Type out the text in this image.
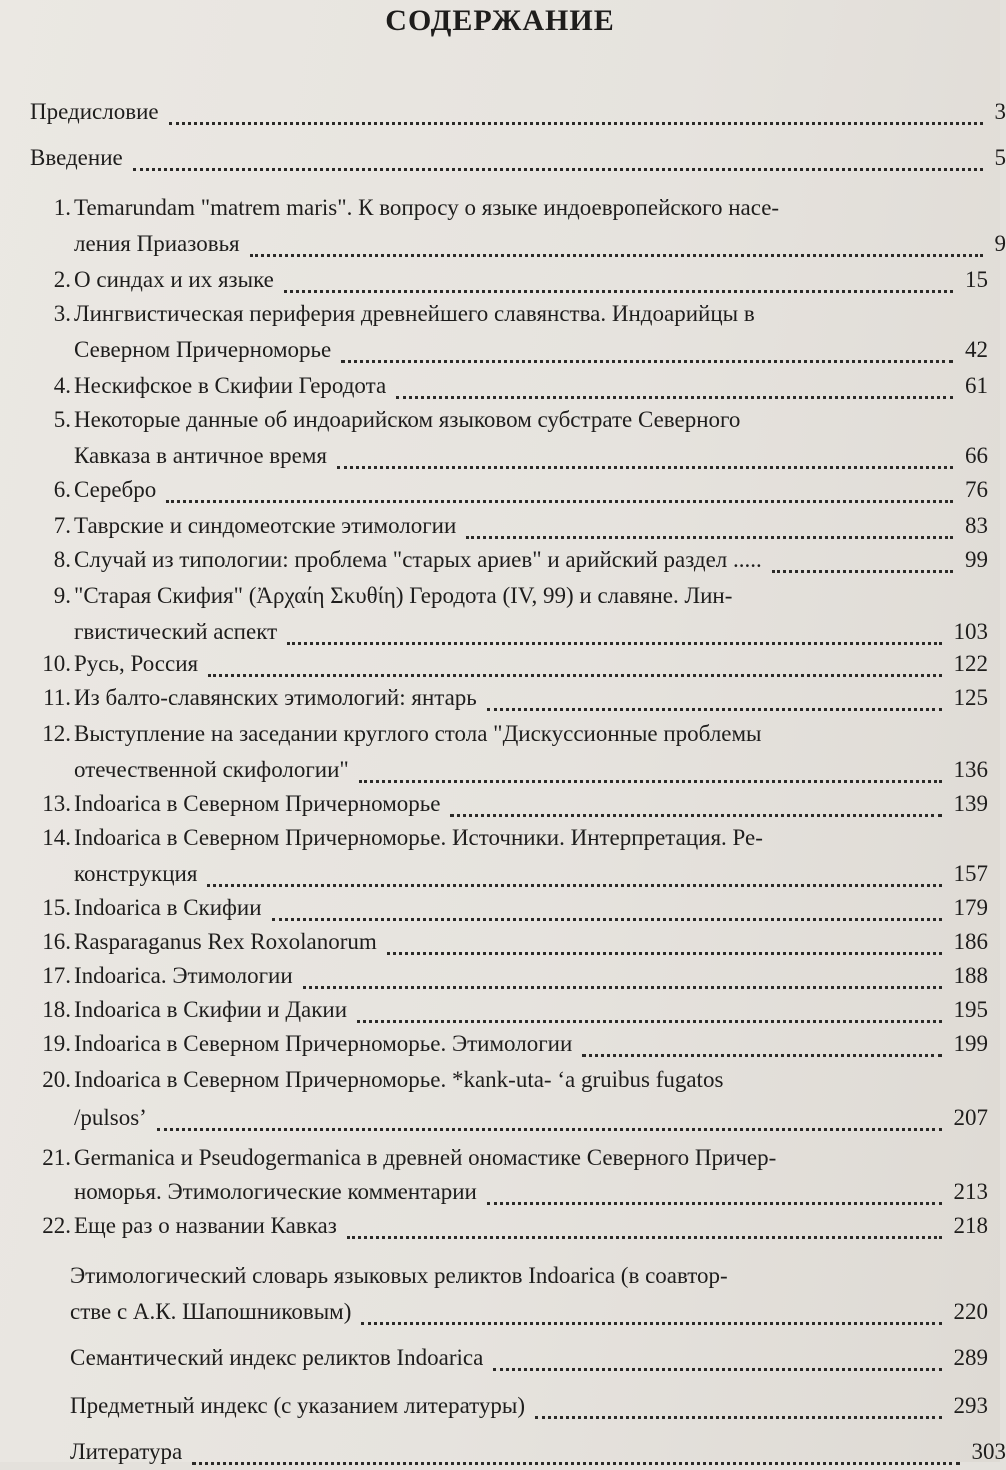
СОДЕРЖАНИЕ
Предисловие	3
Введение	5
1. Temarundam "matrem maris". К вопросу о языке индоевропейского насе-
ления Приазовья	9
2. О синдах и их языке	15
3. Лингвистическая периферия древнейшего славянства. Индоарийцы в
Северном Причерноморье	42
4. Нескифское в Скифии Геродота	61
5. Некоторые данные об индоарийском языковом субстрате Северного
Кавказа в античное время	66
6. Серебро	76
7. Таврские и синдомеотские этимологии	83
8. Случай из типологии: проблема "старых ариев" и арийский раздел .....	99
9. "Старая Скифия" (Ἀρχαίη Σκυθίη) Геродота (IV, 99) и славяне. Лин-
гвистический аспект	103
10. Русь, Россия	122
11. Из балто-славянских этимологий: янтарь	125
12. Выступление на заседании круглого стола "Дискуссионные проблемы
отечественной скифологии"	136
13. Indoarica в Северном Причерноморье	139
14. Indoarica в Северном Причерноморье. Источники. Интерпретация. Ре-
конструкция	157
15. Indoarica в Скифии	179
16. Rasparaganus Rex Roxolanorum	186
17. Indoarica. Этимологии	188
18. Indoarica в Скифии и Дакии	195
19. Indoarica в Северном Причерноморье. Этимологии	199
20. Indoarica в Северном Причерноморье. *kank-uta- ‘a gruibus fugatos
/pulsos’	207
21. Germanica и Pseudogermanica в древней ономастике Северного Причер-
номорья. Этимологические комментарии	213
22. Еще раз о названии Кавказ	218
Этимологический словарь языковых реликтов Indoarica (в соавтор-
стве с А.К. Шапошниковым)	220
Семантический индекс реликтов Indoarica	289
Предметный индекс (с указанием литературы)	293
Литература	303
